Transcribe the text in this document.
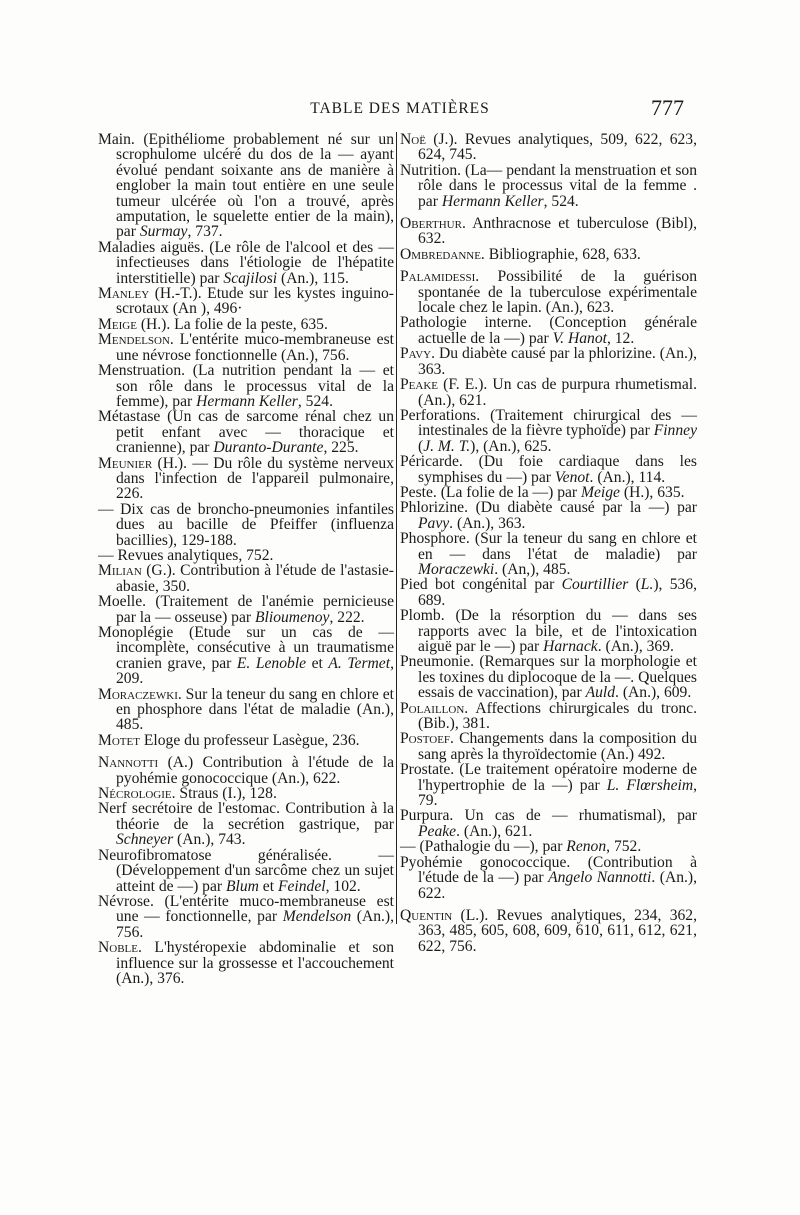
TABLE DES MATIÈRES	777
Main. (Epithéliome probablement né sur un scrophulome ulcéré du dos de la — ayant évolué pendant soixante ans de manière à englober la main tout entière en une seule tumeur ulcérée où l'on a trouvé, après amputation, le squelette entier de la main), par Surmay, 737.
Maladies aiguës. (Le rôle de l'alcool et des — infectieuses dans l'étiologie de l'hépatite interstitielle) par Scajilosi (An.), 115.
Manley (H.-T.). Etude sur les kystes inguino-scrotaux (An ), 496·
Meige (H.). La folie de la peste, 635.
Mendelson. L'entérite muco-membraneuse est une névrose fonctionnelle (An.), 756.
Menstruation. (La nutrition pendant la — et son rôle dans le processus vital de la femme), par Hermann Keller, 524.
Métastase (Un cas de sarcome rénal chez un petit enfant avec — thoracique et cranienne), par Duranto-Durante, 225.
Meunier (H.). — Du rôle du système nerveux dans l'infection de l'appareil pulmonaire, 226.
— Dix cas de broncho-pneumonies infantiles dues au bacille de Pfeiffer (influenza bacillies), 129-188.
— Revues analytiques, 752.
Milian (G.). Contribution à l'étude de l'astasie-abasie, 350.
Moelle. (Traitement de l'anémie pernicieuse par la — osseuse) par Blioumenoy, 222.
Monoplégie (Etude sur un cas de — incomplète, consécutive à un traumatisme cranien grave, par E. Lenoble et A. Termet, 209.
Moraczewki. Sur la teneur du sang en chlore et en phosphore dans l'état de maladie (An.), 485.
Motet Eloge du professeur Lasègue, 236.
Nannotti (A.) Contribution à l'étude de la pyohémie gonococcique (An.), 622.
Nécrologie. Straus (I.), 128.
Nerf secrétoire de l'estomac. Contribution à la théorie de la secrétion gastrique, par Schneyer (An.), 743.
Neurofibromatose généralisée. — (Développement d'un sarcôme chez un sujet atteint de —) par Blum et Feindel, 102.
Névrose. (L'entérite muco-membraneuse est une — fonctionnelle, par Mendelson (An.), 756.
Noble. L'hystéropexie abdominalie et son influence sur la grossesse et l'accouchement (An.), 376.
Noë (J.). Revues analytiques, 509, 622, 623, 624, 745.
Nutrition. (La— pendant la menstruation et son rôle dans le processus vital de la femme . par Hermann Keller, 524.
Oberthur. Anthracnose et tuberculose (Bibl), 632.
Ombredanne. Bibliographie, 628, 633.
Palamidessi. Possibilité de la guérison spontanée de la tuberculose expérimentale locale chez le lapin. (An.), 623.
Pathologie interne. (Conception générale actuelle de la —) par V. Hanot, 12.
Pavy. Du diabète causé par la phlorizine. (An.), 363.
Peake (F. E.). Un cas de purpura rhumetismal. (An.), 621.
Perforations. (Traitement chirurgical des — intestinales de la fièvre typhoïde) par Finney (J. M. T.), (An.), 625.
Péricarde. (Du foie cardiaque dans les symphises du —) par Venot. (An.), 114.
Peste. (La folie de la —) par Meige (H.), 635.
Phlorizine. (Du diabète causé par la —) par Pavy. (An.), 363.
Phosphore. (Sur la teneur du sang en chlore et en — dans l'état de maladie) par Moraczewki. (An,), 485.
Pied bot congénital par Courtillier (L.), 536, 689.
Plomb. (De la résorption du — dans ses rapports avec la bile, et de l'intoxication aiguë par le —) par Harnack. (An.), 369.
Pneumonie. (Remarques sur la morphologie et les toxines du diplocoque de la —. Quelques essais de vaccination), par Auld. (An.), 609.
Polaillon. Affections chirurgicales du tronc. (Bib.), 381.
Postoef. Changements dans la composition du sang après la thyroïdectomie (An.) 492.
Prostate. (Le traitement opératoire moderne de l'hypertrophie de la —) par L. Flœrsheim, 79.
Purpura. Un cas de — rhumatismal), par Peake. (An.), 621.
— (Pathalogie du —), par Renon, 752.
Pyohémie gonococcique. (Contribution à l'étude de la —) par Angelo Nannotti. (An.), 622.
Quentin (L.). Revues analytiques, 234, 362, 363, 485, 605, 608, 609, 610, 611, 612, 621, 622, 756.
